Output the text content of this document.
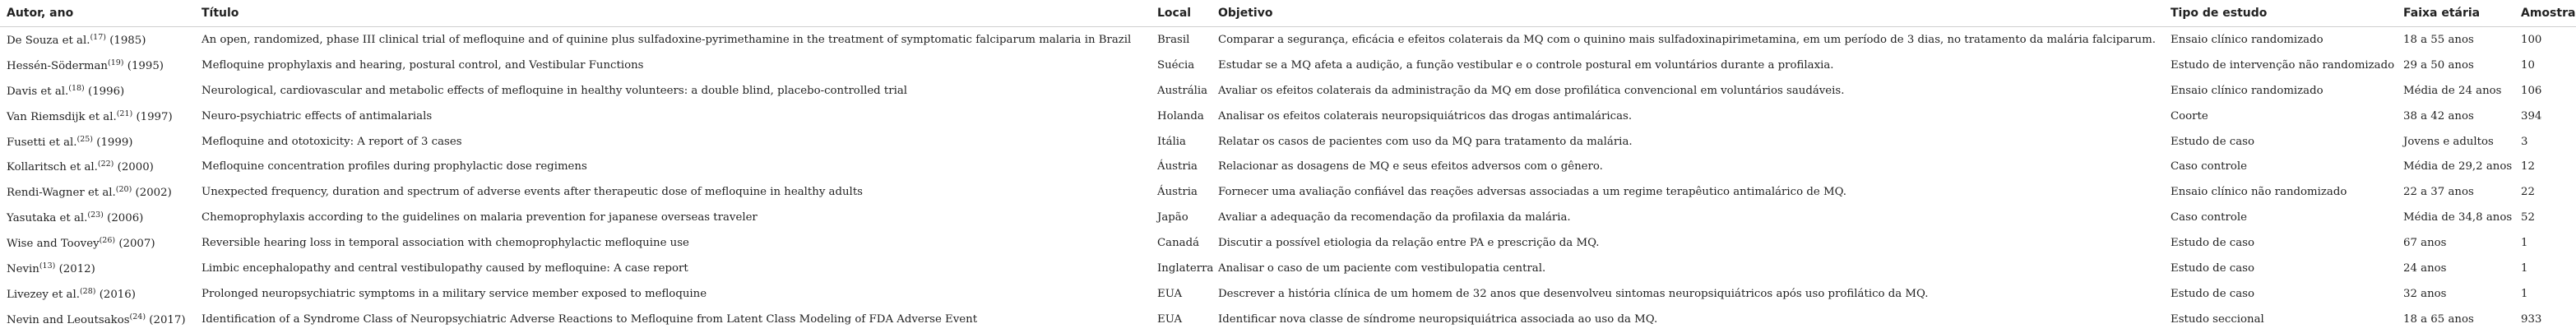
Autor, ano	Título	Local	Objetivo	Tipo de estudo	Faixa etária	Amostra
De Souza et al.$^{(17)}$ (1985)	An open, randomized, phase III clinical trial of mefloquine and of quinine plus sulfadoxine-pyrimethamine in the treatment of symptomatic falciparum malaria in Brazil	Brasil	Comparar a segurança, eficácia e efeitos colaterais da MQ com o quinino mais sulfadoxinapirimetamina, em um período de 3 dias, no tratamento da malária falciparum.	Ensaio clínico randomizado	18 a 55 anos	100
Hessén-Söderman$^{(19)}$ (1995)	Mefloquine prophylaxis and hearing, postural control, and Vestibular Functions	Suécia	Estudar se a MQ afeta a audição, a função vestibular e o controle postural em voluntários durante a profilaxia.	Estudo de intervenção não randomizado	29 a 50 anos	10
Davis et al.$^{(18)}$ (1996)	Neurological, cardiovascular and metabolic effects of mefloquine in healthy volunteers: a double blind, placebo-controlled trial	Austrália	Avaliar os efeitos colaterais da administração da MQ em dose profilática convencional em voluntários saudáveis.	Ensaio clínico randomizado	Média de 24 anos	106
Van Riemsdijk et al.$^{(21)}$ (1997)	Neuro-psychiatric effects of antimalarials	Holanda	Analisar os efeitos colaterais neuropsiquiátricos das drogas antimaláricas.	Coorte	38 a 42 anos	394
Fusetti et al.$^{(25)}$ (1999)	Mefloquine and ototoxicity: A report of 3 cases	Itália	Relatar os casos de pacientes com uso da MQ para tratamento da malária.	Estudo de caso	Jovens e adultos	3
Kollaritsch et al.$^{(22)}$ (2000)	Mefloquine concentration profiles during prophylactic dose regimens	Áustria	Relacionar as dosagens de MQ e seus efeitos adversos com o gênero.	Caso controle	Média de 29,2 anos	12
Rendi-Wagner et al.$^{(20)}$ (2002)	Unexpected frequency, duration and spectrum of adverse events after therapeutic dose of mefloquine in healthy adults	Áustria	Fornecer uma avaliação confiável das reações adversas associadas a um regime terapêutico antimalárico de MQ.	Ensaio clínico não randomizado	22 a 37 anos	22
Yasutaka et al.$^{(23)}$ (2006)	Chemoprophylaxis according to the guidelines on malaria prevention for japanese overseas traveler	Japão	Avaliar a adequação da recomendação da profilaxia da malária.	Caso controle	Média de 34,8 anos	52
Wise and Toovey$^{(26)}$ (2007)	Reversible hearing loss in temporal association with chemoprophylactic mefloquine use	Canadá	Discutir a possível etiologia da relação entre PA e prescrição da MQ.	Estudo de caso	67 anos	1
Nevin$^{(13)}$ (2012)	Limbic encephalopathy and central vestibulopathy caused by mefloquine: A case report	Inglaterra	Analisar o caso de um paciente com vestibulopatia central.	Estudo de caso	24 anos	1
Livezey et al.$^{(28)}$ (2016)	Prolonged neuropsychiatric symptoms in a military service member exposed to mefloquine	EUA	Descrever a história clínica de um homem de 32 anos que desenvolveu sintomas neuropsiquiátricos após uso profilático da MQ.	Estudo de caso	32 anos	1
Nevin and Leoutsakos$^{(24)}$ (2017)	Identification of a Syndrome Class of Neuropsychiatric Adverse Reactions to Mefloquine from Latent Class Modeling of FDA Adverse Event	EUA	Identificar nova classe de síndrome neuropsiquiátrica associada ao uso da MQ.	Estudo seccional	18 a 65 anos	933
